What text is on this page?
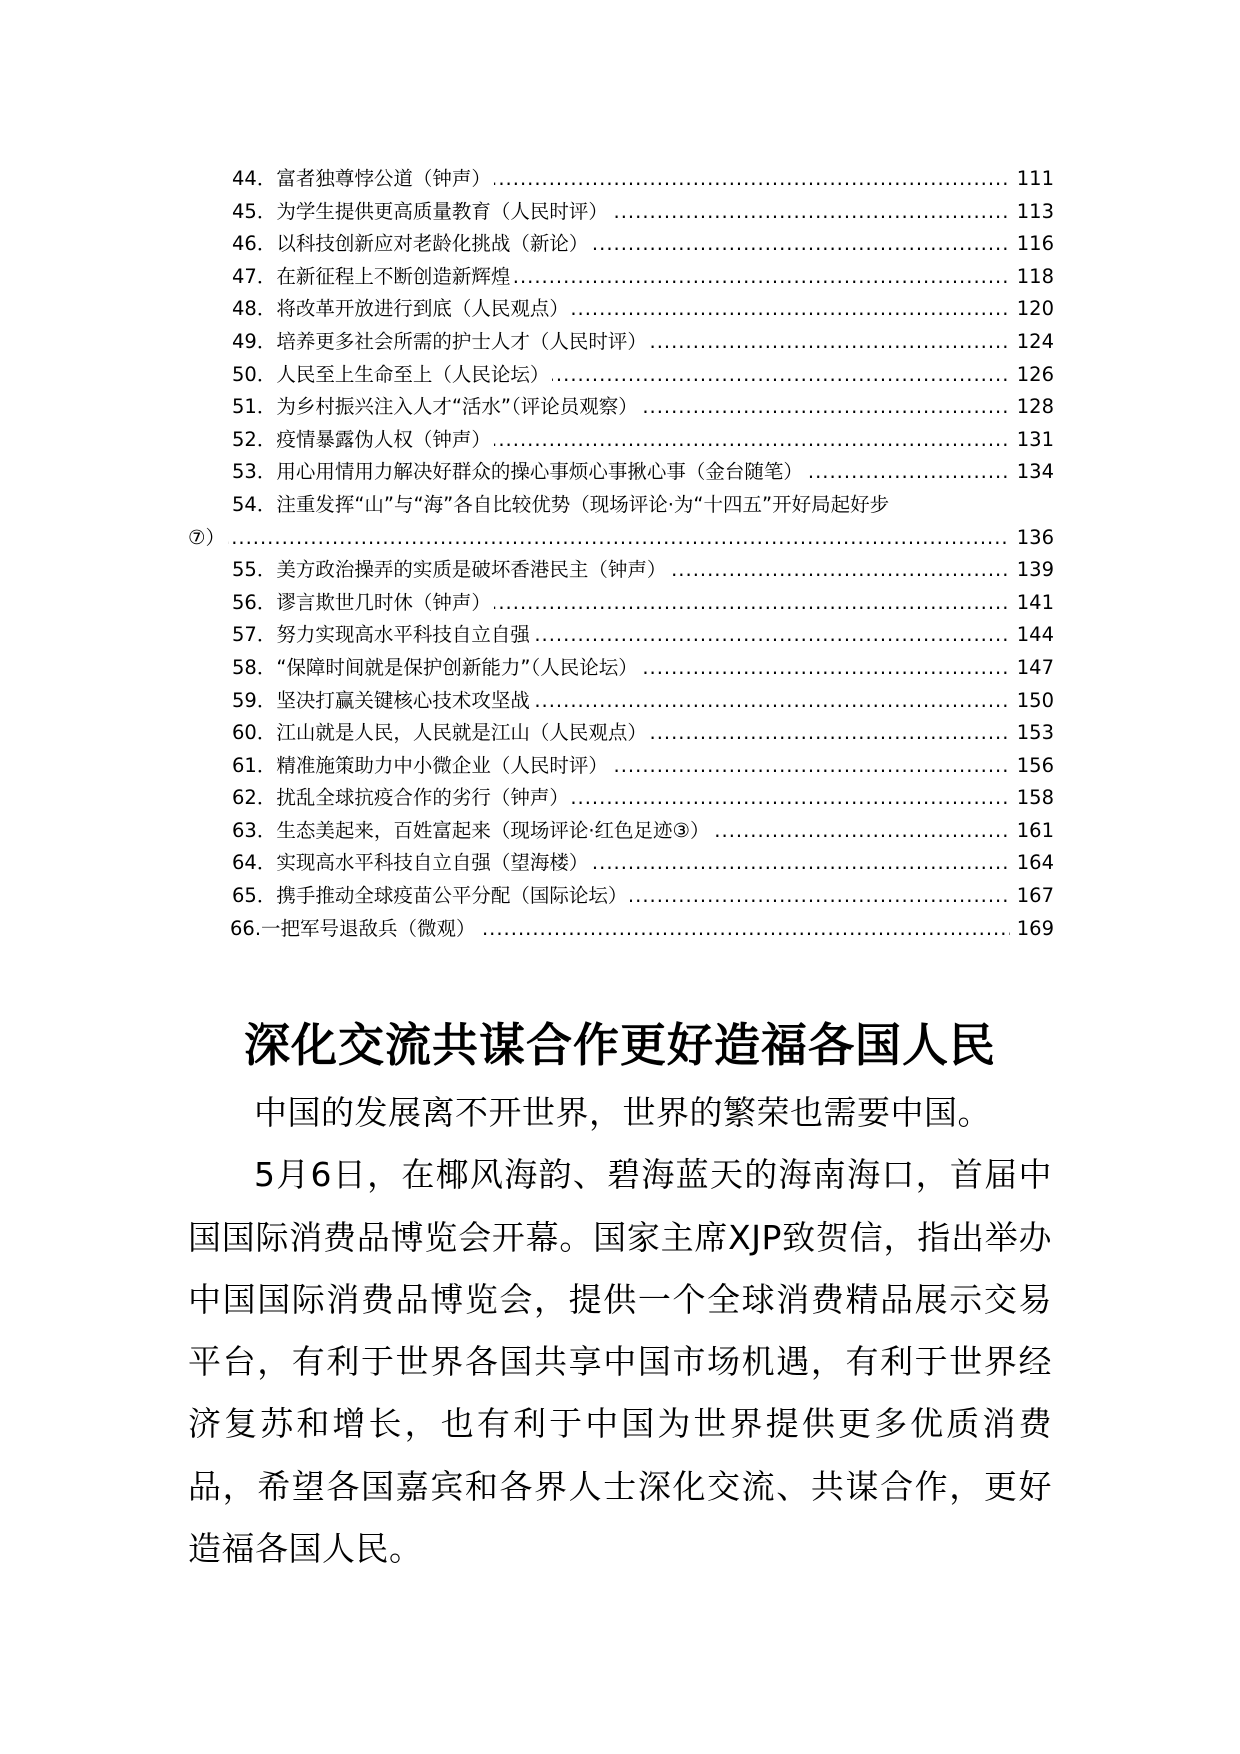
44．富者独尊悖公道（钟声） .....	111
45．为学生提供更高质量教育（人民时评） .....	113
46．以科技创新应对老龄化挑战（新论） .....	116
47．在新征程上不断创造新辉煌 .....	118
48．将改革开放进行到底（人民观点） .....	120
49．培养更多社会所需的护士人才（人民时评） .....	124
50．人民至上生命至上（人民论坛） .....	126
51．为乡村振兴注入人才“活水”（评论员观察） .....	128
52．疫情暴露伪人权（钟声） .....	131
53．用心用情用力解决好群众的操心事烦心事揪心事（金台随笔） .....	134
54．注重发挥“山”与“海”各自比较优势（现场评论·为“十四五”开好局起好步
⑦） .....	136
55．美方政治操弄的实质是破坏香港民主（钟声） .....	139
56．谬言欺世几时休（钟声） .....	141
57．努力实现高水平科技自立自强 .....	144
58．“保障时间就是保护创新能力”（人民论坛） .....	147
59．坚决打赢关键核心技术攻坚战 .....	150
60．江山就是人民，人民就是江山（人民观点） .....	153
61．精准施策助力中小微企业（人民时评） .....	156
62．扰乱全球抗疫合作的劣行（钟声） .....	158
63．生态美起来，百姓富起来（现场评论·红色足迹③） .....	161
64．实现高水平科技自立自强（望海楼） .....	164
65．携手推动全球疫苗公平分配（国际论坛） .....	167
66.一把军号退敌兵（微观） .....	169
深化交流共谋合作更好造福各国人民

中国的发展离不开世界，世界的繁荣也需要中国。

5月6日，在椰风海韵、碧海蓝天的海南海口，首届中国国际消费品博览会开幕。国家主席XJP致贺信，指出举办中国国际消费品博览会，提供一个全球消费精品展示交易平台，有利于世界各国共享中国市场机遇，有利于世界经济复苏和增长，也有利于中国为世界提供更多优质消费品，希望各国嘉宾和各界人士深化交流、共谋合作，更好造福各国人民。
